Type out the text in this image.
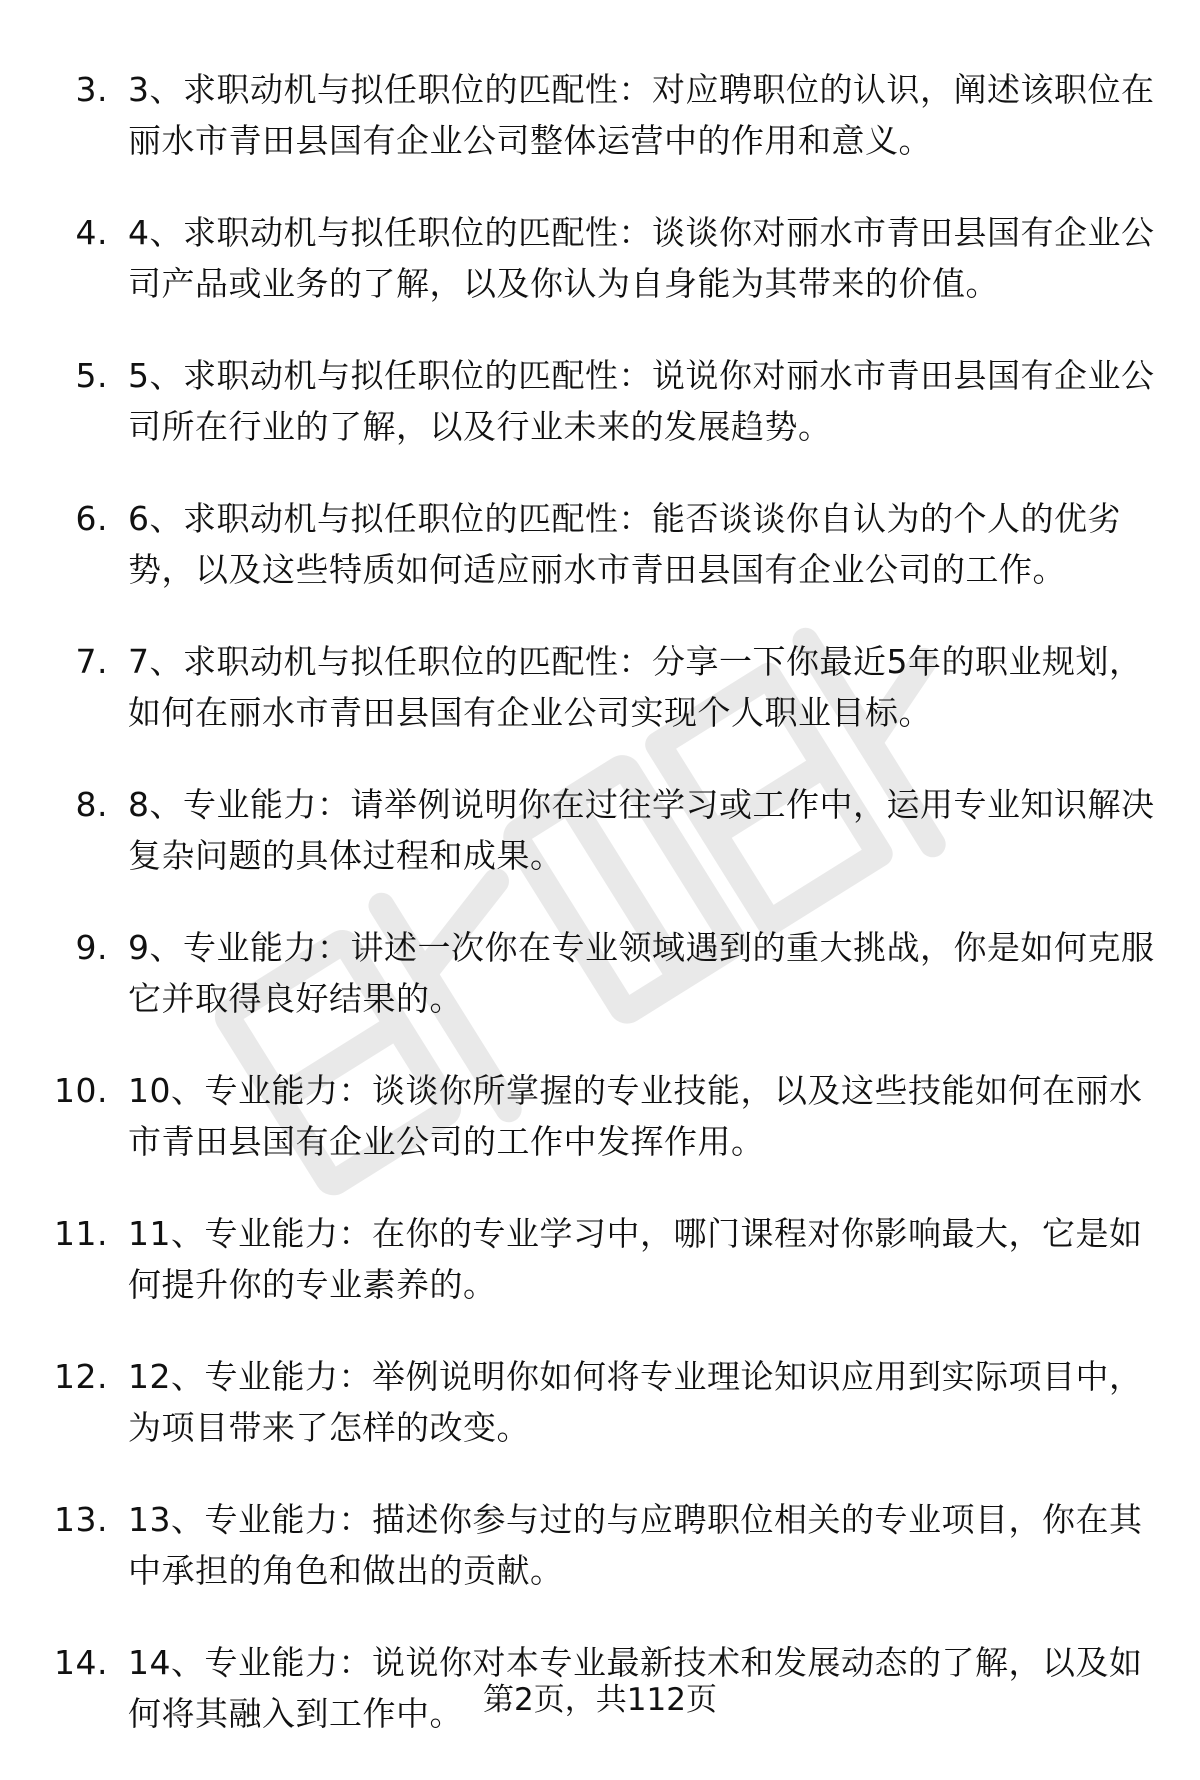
3. 3、求职动机与拟任职位的匹配性：对应聘职位的认识，阐述该职位在丽水市青田县国有企业公司整体运营中的作用和意义。
4. 4、求职动机与拟任职位的匹配性：谈谈你对丽水市青田县国有企业公司产品或业务的了解，以及你认为自身能为其带来的价值。
5. 5、求职动机与拟任职位的匹配性：说说你对丽水市青田县国有企业公司所在行业的了解，以及行业未来的发展趋势。
6. 6、求职动机与拟任职位的匹配性：能否谈谈你自认为的个人的优劣势，以及这些特质如何适应丽水市青田县国有企业公司的工作。
7. 7、求职动机与拟任职位的匹配性：分享一下你最近5年的职业规划，如何在丽水市青田县国有企业公司实现个人职业目标。
8. 8、专业能力：请举例说明你在过往学习或工作中，运用专业知识解决复杂问题的具体过程和成果。
9. 9、专业能力：讲述一次你在专业领域遇到的重大挑战，你是如何克服它并取得良好结果的。
10. 10、专业能力：谈谈你所掌握的专业技能，以及这些技能如何在丽水市青田县国有企业公司的工作中发挥作用。
11. 11、专业能力：在你的专业学习中，哪门课程对你影响最大，它是如何提升你的专业素养的。
12. 12、专业能力：举例说明你如何将专业理论知识应用到实际项目中，为项目带来了怎样的改变。
13. 13、专业能力：描述你参与过的与应聘职位相关的专业项目，你在其中承担的角色和做出的贡献。
14. 14、专业能力：说说你对本专业最新技术和发展动态的了解，以及如何将其融入到工作中。 第2页，共112页
